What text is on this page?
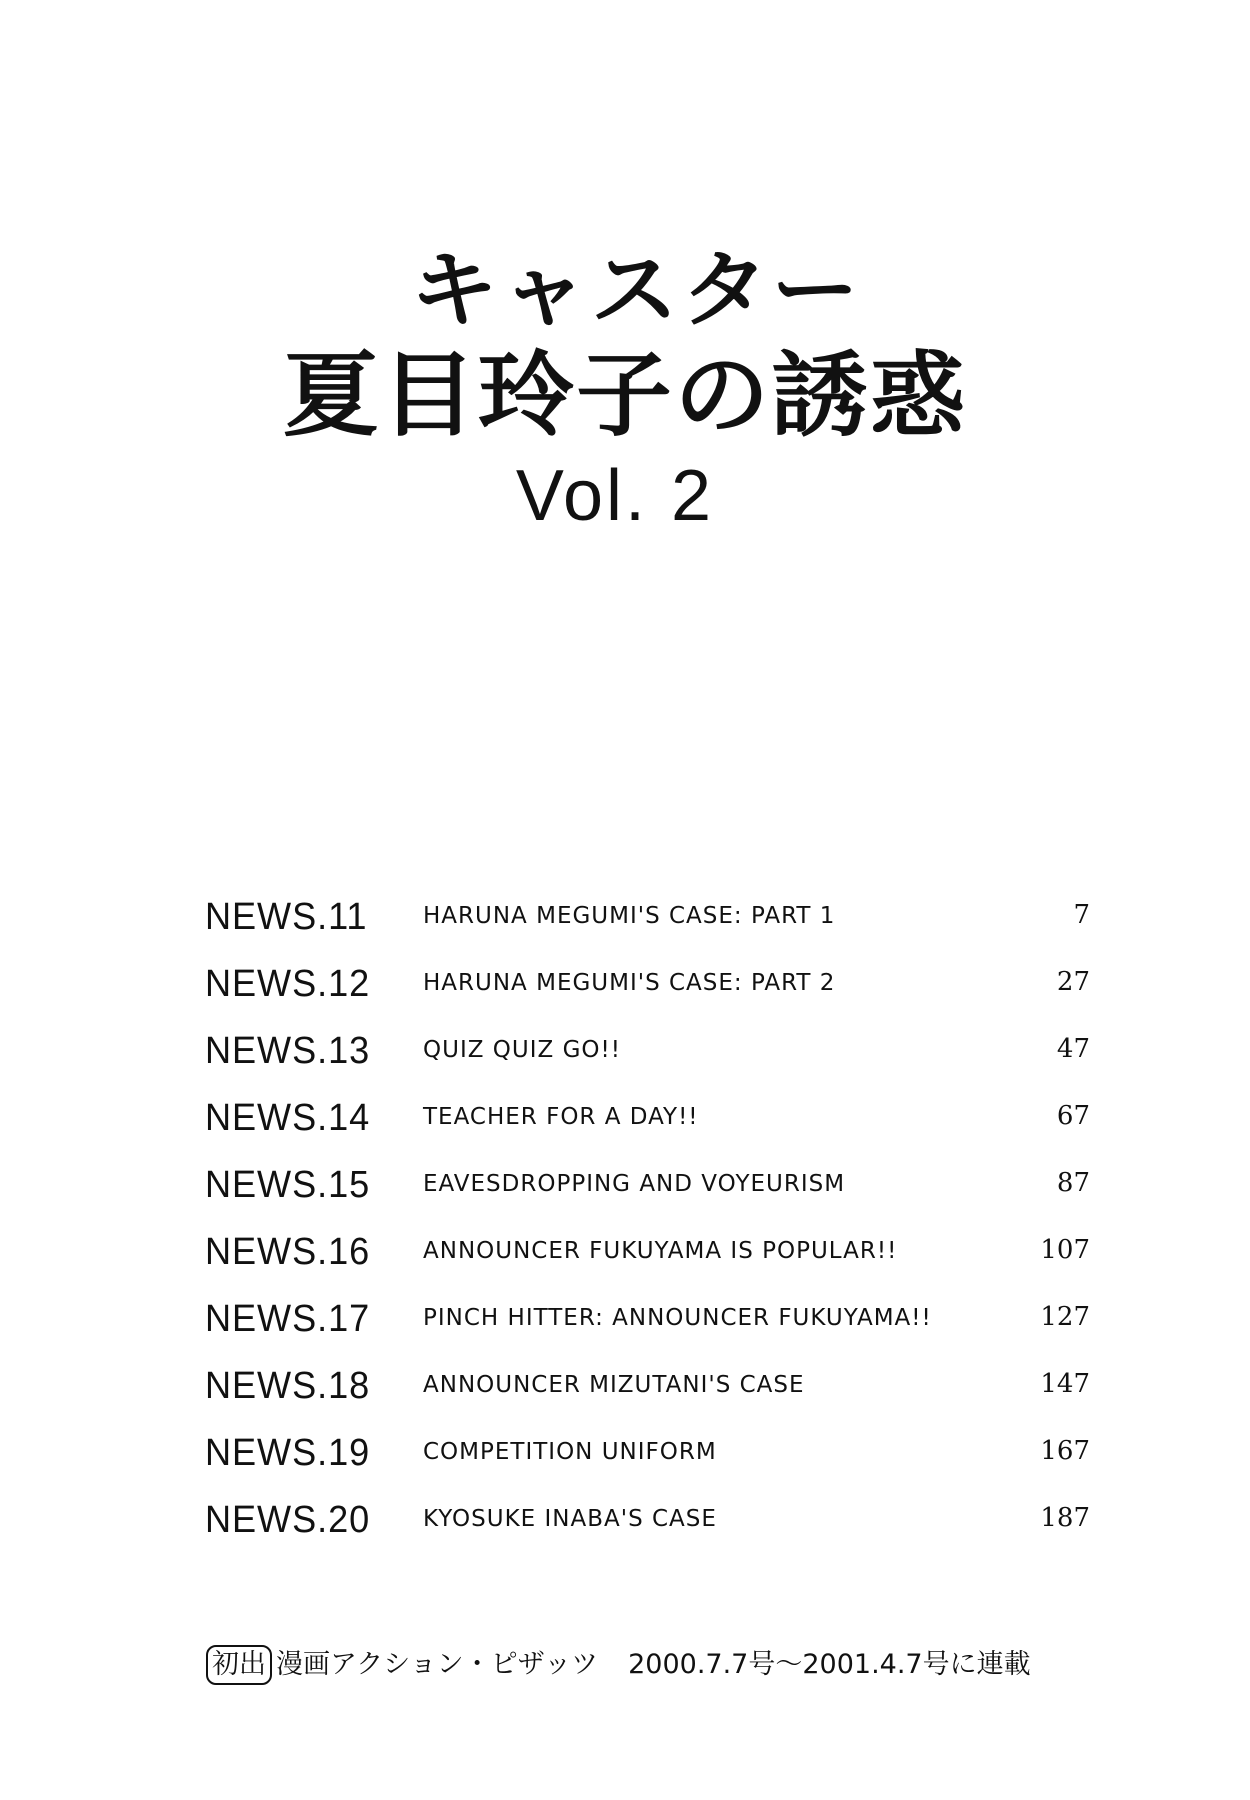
キャスター
夏目玲子の誘惑
Vol. 2
NEWS.11 HARUNA MEGUMI'S CASE: PART 1	7
NEWS.12 HARUNA MEGUMI'S CASE: PART 2	27
NEWS.13 QUIZ QUIZ GO!!	47
NEWS.14 TEACHER FOR A DAY!!	67
NEWS.15 EAVESDROPPING AND VOYEURISM	87
NEWS.16 ANNOUNCER FUKUYAMA IS POPULAR!!	107
NEWS.17 PINCH HITTER: ANNOUNCER FUKUYAMA!!	127
NEWS.18 ANNOUNCER MIZUTANI'S CASE	147
NEWS.19 COMPETITION UNIFORM	167
NEWS.20 KYOSUKE INABA'S CASE	187
初出 漫画アクション・ピザッツ 2000.7.7号〜2001.4.7号に連載
